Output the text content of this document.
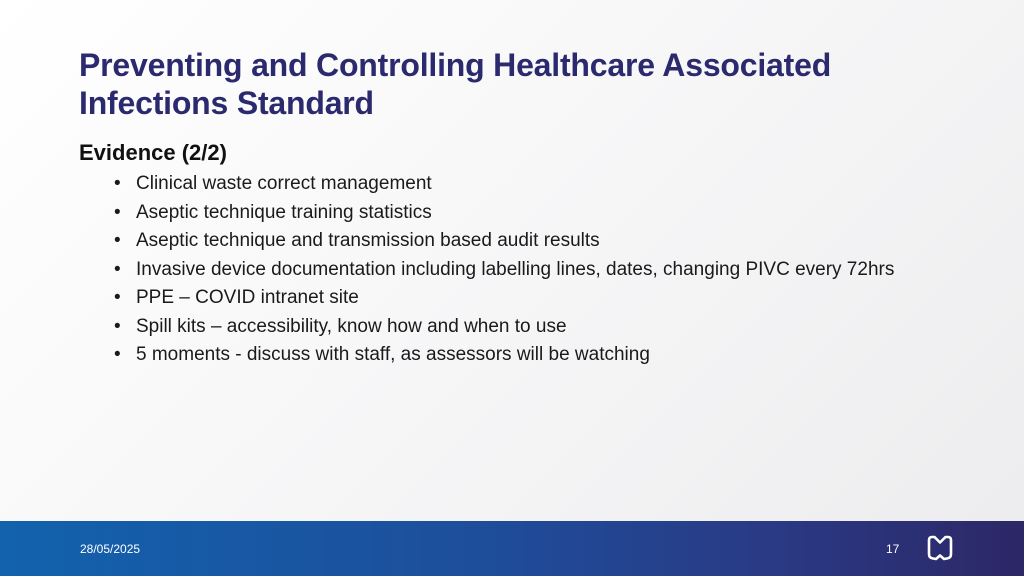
Preventing and Controlling Healthcare Associated Infections Standard
Evidence (2/2)
• Clinical waste correct management
• Aseptic technique training statistics
• Aseptic technique and transmission based audit results
• Invasive device documentation including labelling lines, dates, changing PIVC every 72hrs
• PPE – COVID intranet site
• Spill kits – accessibility, know how and when to use
• 5 moments - discuss with staff, as assessors will be watching
28/05/2025	17
